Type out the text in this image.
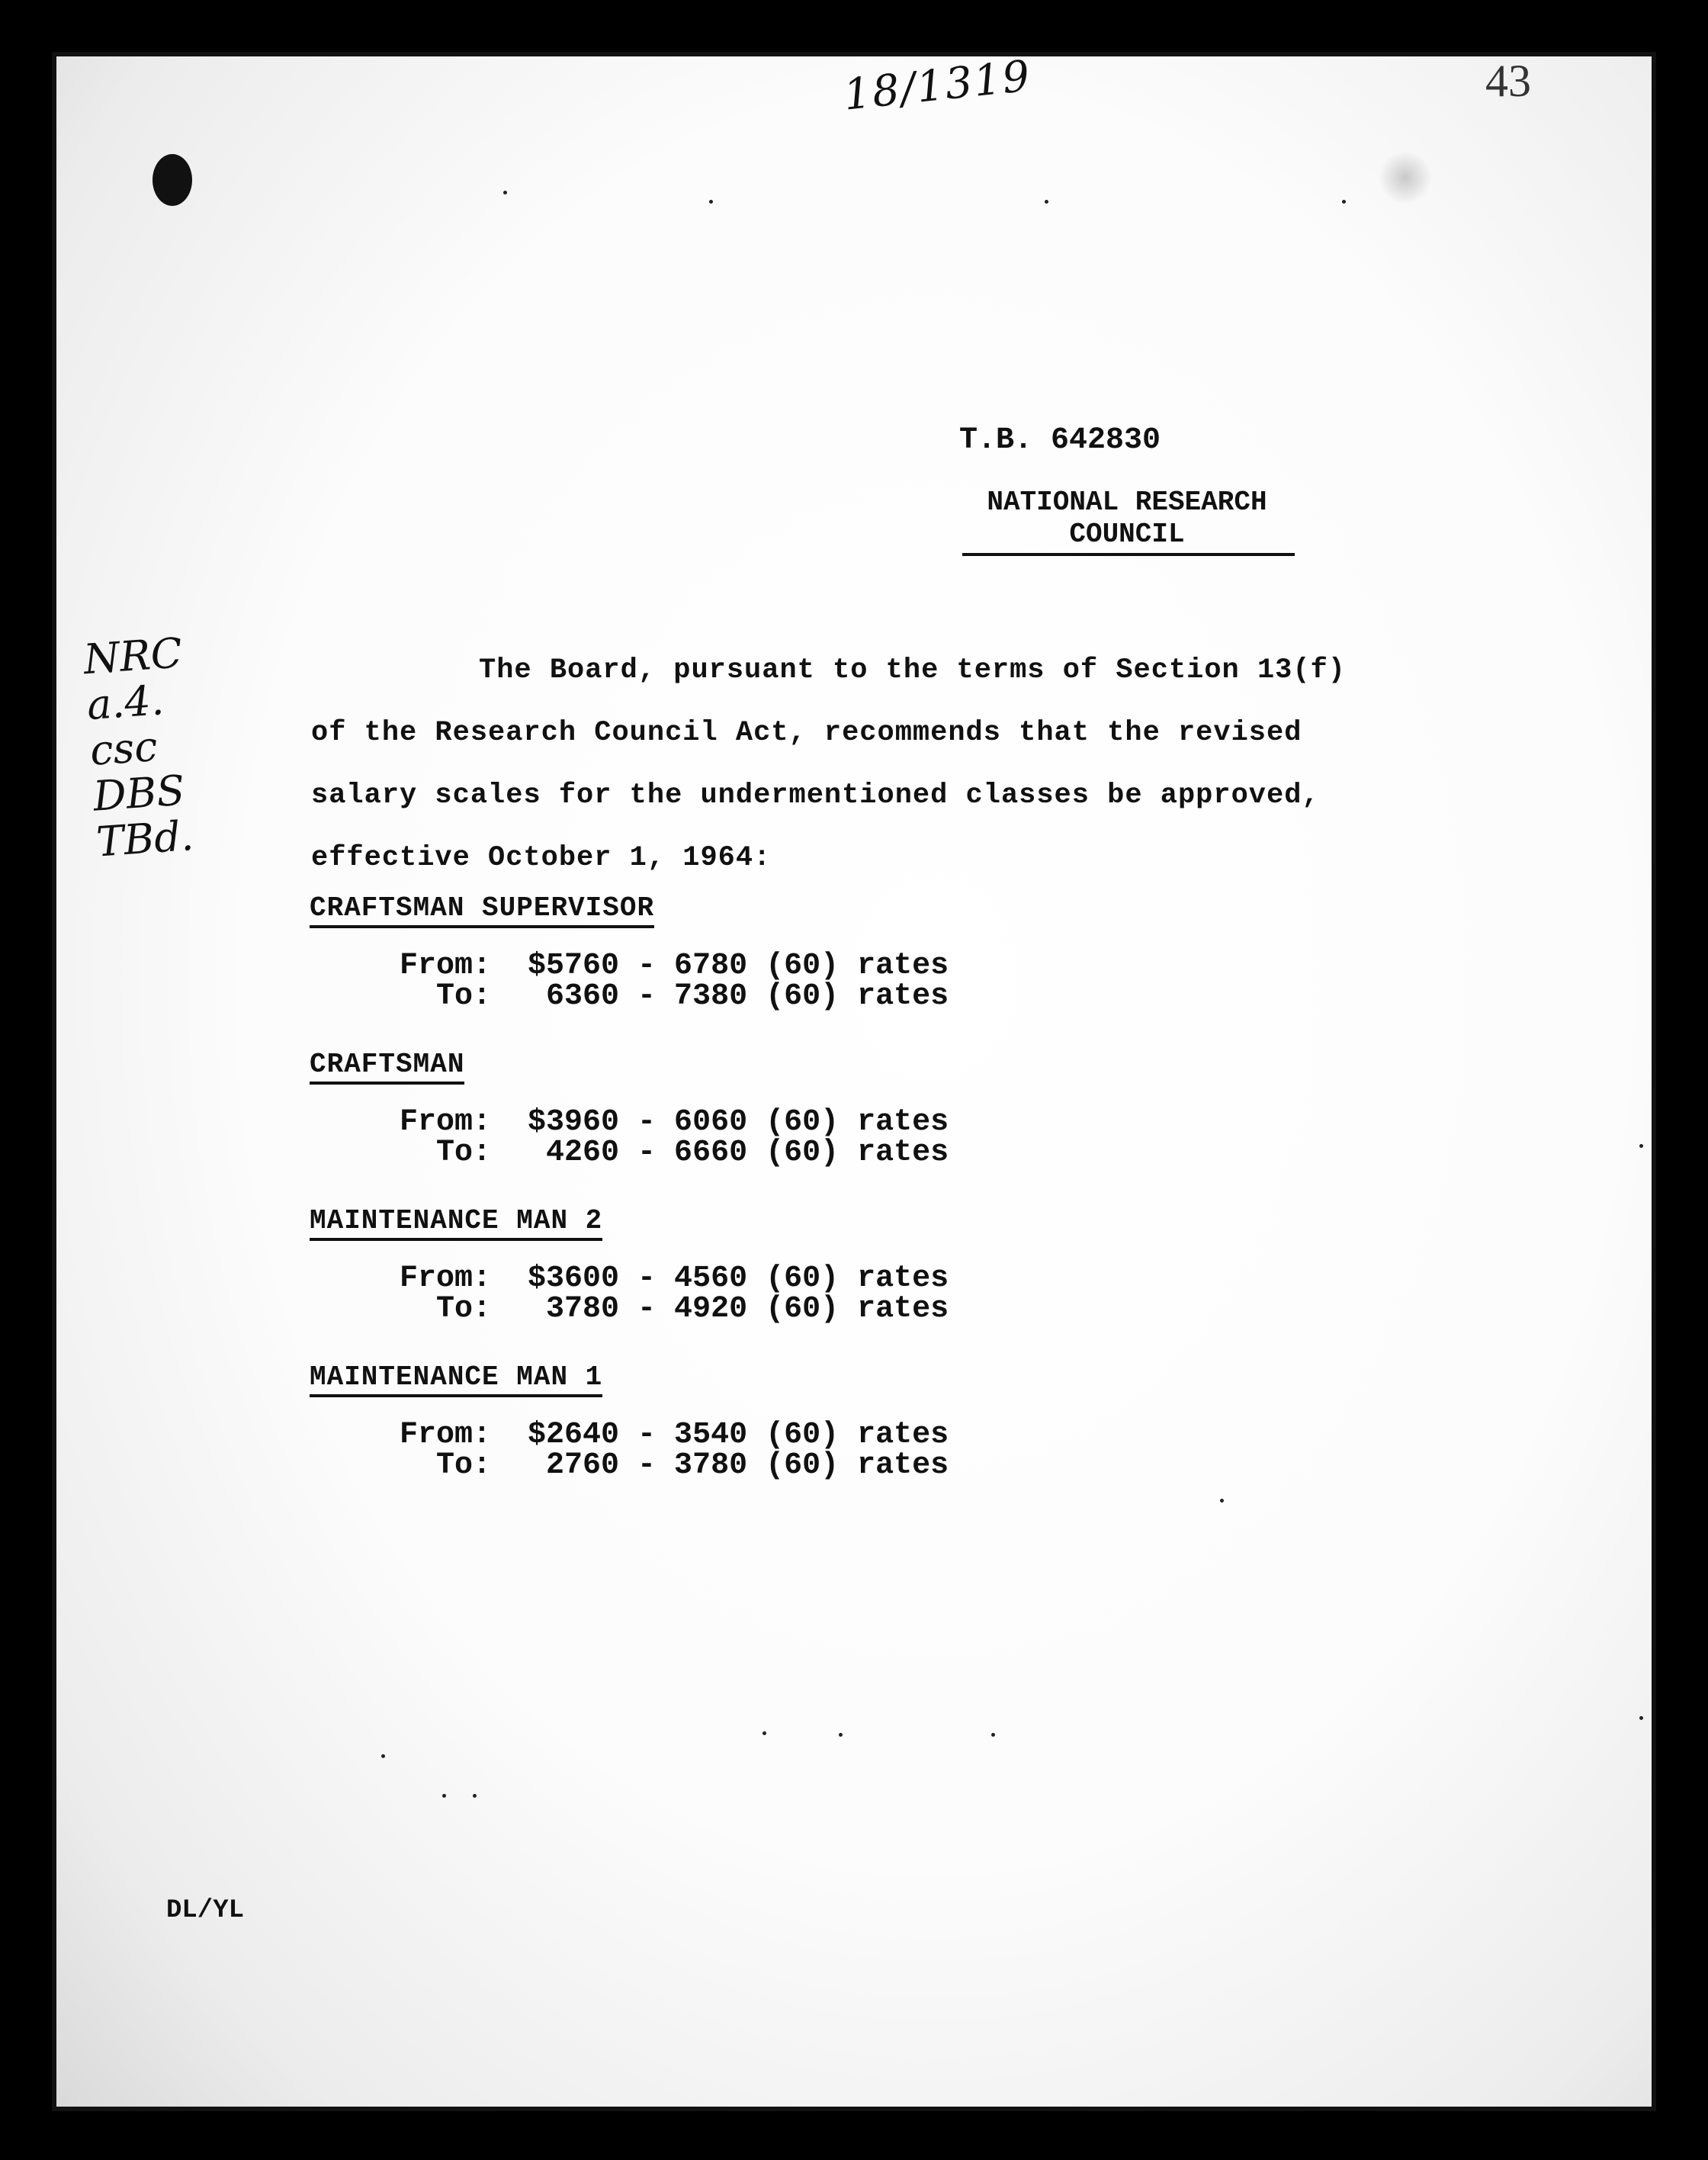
18/1319	43
T.B. 642830
NATIONAL RESEARCH
COUNCIL
NRC
a.4.
csc
DBS
TBd.
The Board, pursuant to the terms of Section 13(f)
of the Research Council Act, recommends that the revised
salary scales for the undermentioned classes be approved,
effective October 1, 1964:
CRAFTSMAN SUPERVISOR
From:  $5760 - 6780 (60) rates
To:   6360 - 7380 (60) rates
CRAFTSMAN
From:  $3960 - 6060 (60) rates
To:   4260 - 6660 (60) rates
MAINTENANCE MAN 2
From:  $3600 - 4560 (60) rates
To:   3780 - 4920 (60) rates
MAINTENANCE MAN 1
From:  $2640 - 3540 (60) rates
To:   2760 - 3780 (60) rates
DL/YL
